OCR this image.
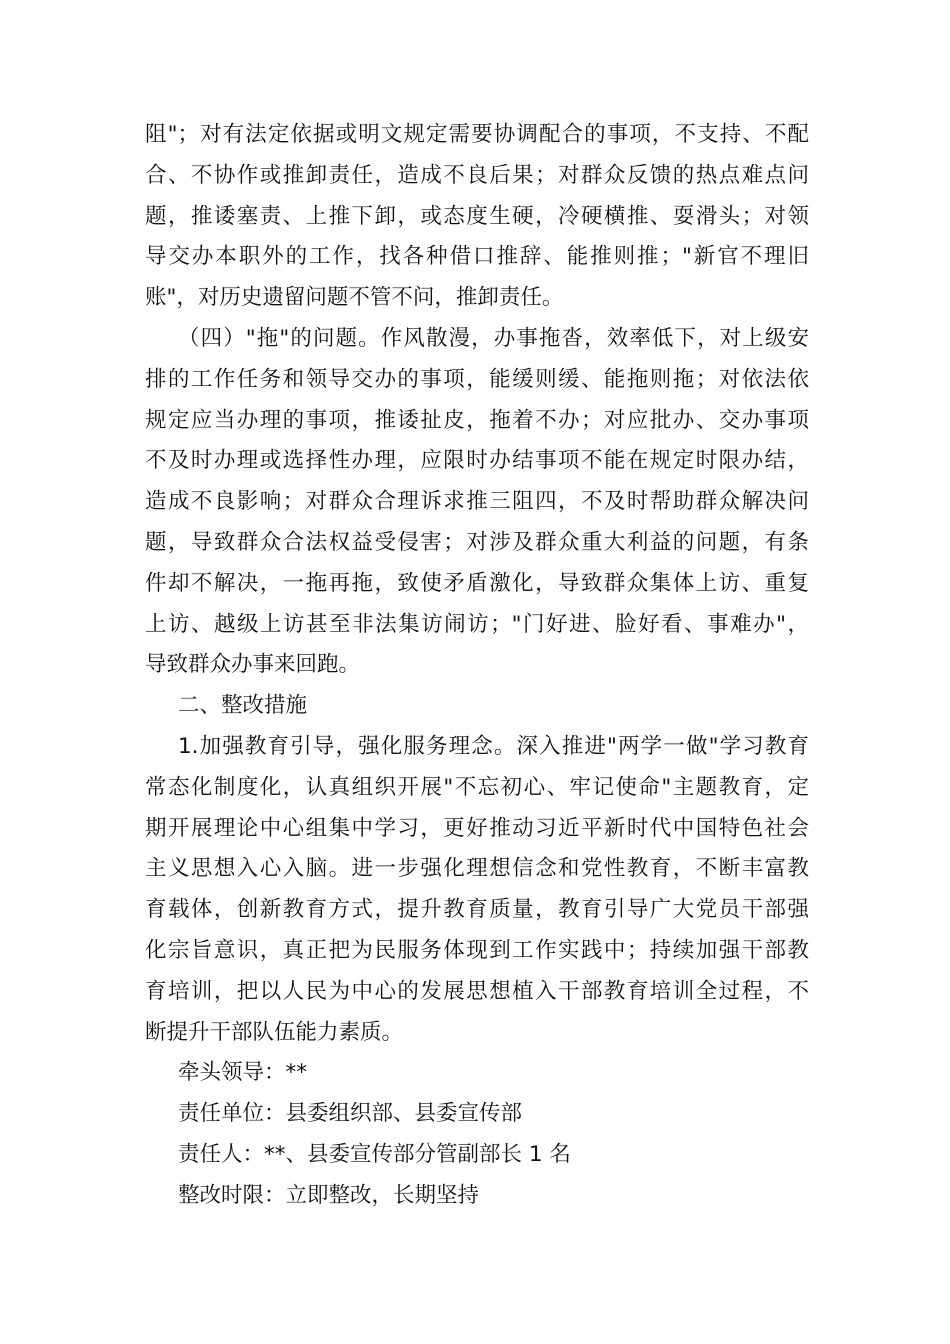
阻"；对有法定依据或明文规定需要协调配合的事项，不支持、不配
合、不协作或推卸责任，造成不良后果；对群众反馈的热点难点问
题，推诿塞责、上推下卸，或态度生硬，冷硬横推、耍滑头；对领
导交办本职外的工作，找各种借口推辞、能推则推；"新官不理旧
账"，对历史遗留问题不管不问，推卸责任。
（四）"拖"的问题。作风散漫，办事拖沓，效率低下，对上级安
排的工作任务和领导交办的事项，能缓则缓、能拖则拖；对依法依
规定应当办理的事项，推诿扯皮，拖着不办；对应批办、交办事项
不及时办理或选择性办理，应限时办结事项不能在规定时限办结，
造成不良影响；对群众合理诉求推三阻四，不及时帮助群众解决问
题，导致群众合法权益受侵害；对涉及群众重大利益的问题，有条
件却不解决，一拖再拖，致使矛盾激化，导致群众集体上访、重复
上访、越级上访甚至非法集访闹访；"门好进、脸好看、事难办"，
导致群众办事来回跑。
二、整改措施
1.加强教育引导，强化服务理念。深入推进"两学一做"学习教育
常态化制度化，认真组织开展"不忘初心、牢记使命"主题教育，定
期开展理论中心组集中学习，更好推动习近平新时代中国特色社会
主义思想入心入脑。进一步强化理想信念和党性教育，不断丰富教
育载体，创新教育方式，提升教育质量，教育引导广大党员干部强
化宗旨意识，真正把为民服务体现到工作实践中；持续加强干部教
育培训，把以人民为中心的发展思想植入干部教育培训全过程，不
断提升干部队伍能力素质。
牵头领导：**
责任单位：县委组织部、县委宣传部
责任人：**、县委宣传部分管副部长 1 名
整改时限：立即整改，长期坚持
